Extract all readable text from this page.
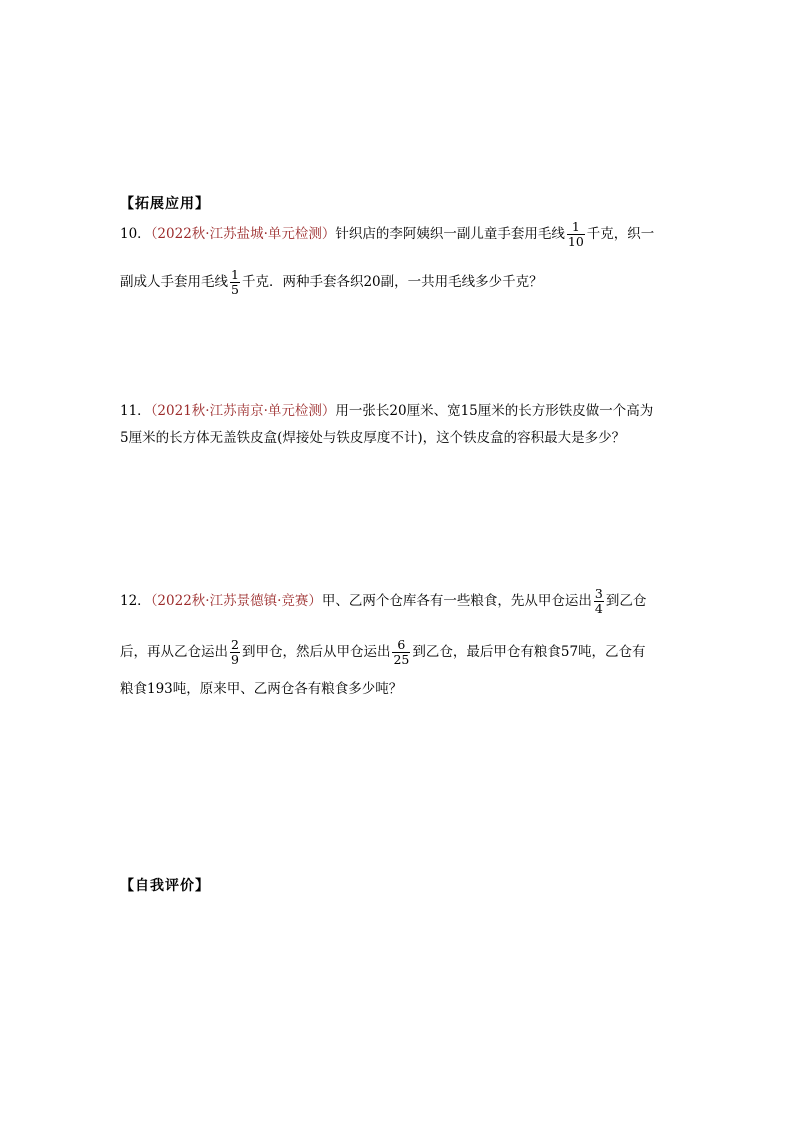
【拓展应用】
10．（2022秋·江苏盐城·单元检测）针织店的李阿姨织一副儿童手套用毛线 $\frac{1}{10}$ 千克，织一
副成人手套用毛线 $\frac{1}{5}$ 千克．两种手套各织20副，一共用毛线多少千克？
11．（2021秋·江苏南京·单元检测）用一张长20厘米、宽15厘米的长方形铁皮做一个高为
5厘米的长方体无盖铁皮盒(焊接处与铁皮厚度不计)，这个铁皮盒的容积最大是多少？
12．（2022秋·江苏景德镇·竞赛）甲、乙两个仓库各有一些粮食，先从甲仓运出 $\frac{3}{4}$ 到乙仓
后，再从乙仓运出 $\frac{2}{9}$ 到甲仓，然后从甲仓运出 $\frac{6}{25}$ 到乙仓，最后甲仓有粮食57吨，乙仓有
粮食193吨，原来甲、乙两仓各有粮食多少吨？
【自我评价】
